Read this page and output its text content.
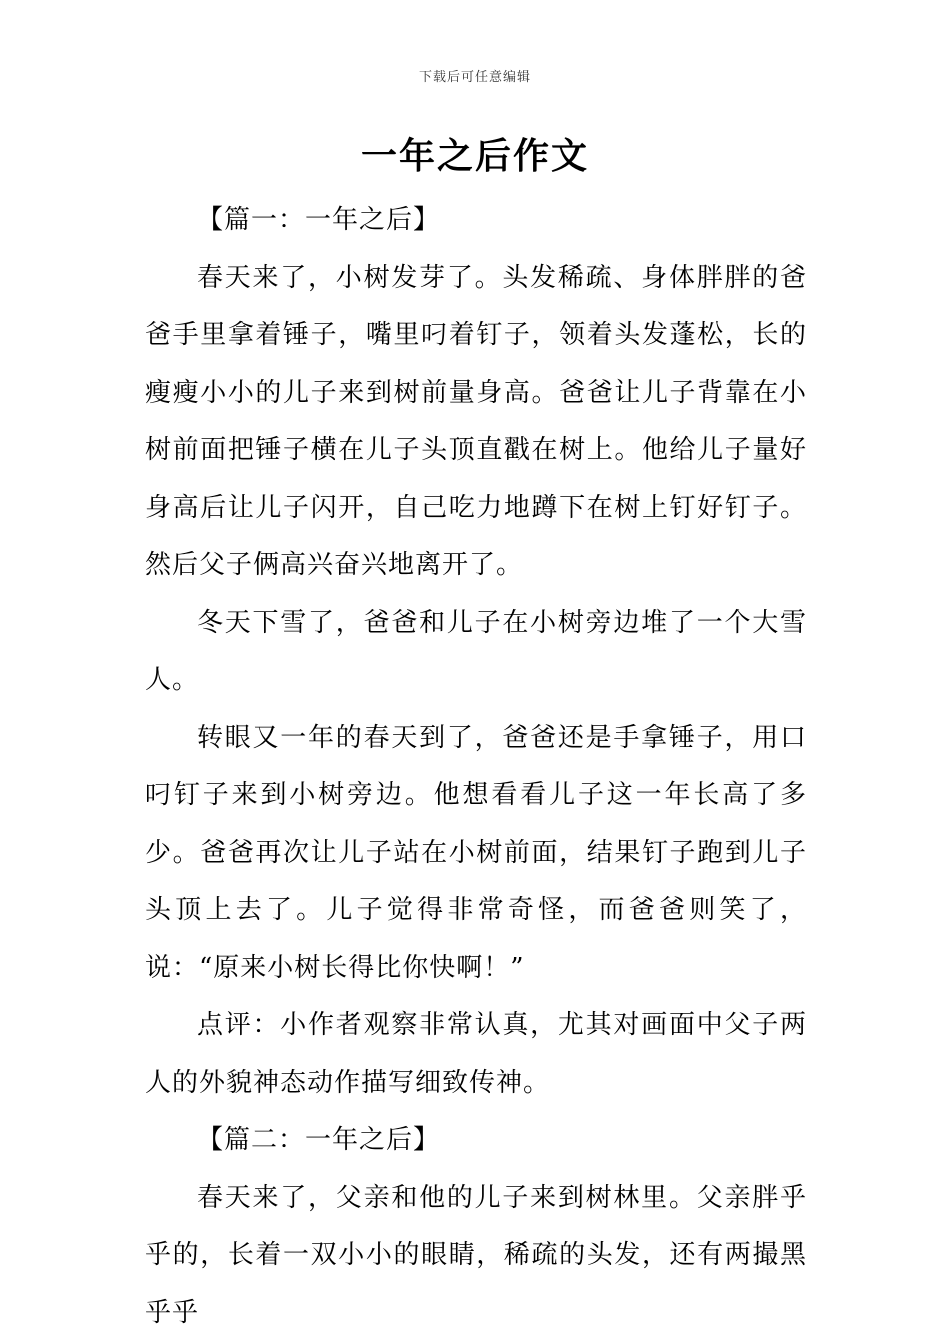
下载后可任意编辑
一年之后作文

【篇一：一年之后】

春天来了，小树发芽了。头发稀疏、身体胖胖的爸爸手里拿着锤子，嘴里叼着钉子，领着头发蓬松，长的瘦瘦小小的儿子来到树前量身高。爸爸让儿子背靠在小树前面把锤子横在儿子头顶直戳在树上。他给儿子量好身高后让儿子闪开，自己吃力地蹲下在树上钉好钉子。然后父子俩高兴奋兴地离开了。

冬天下雪了，爸爸和儿子在小树旁边堆了一个大雪人。

转眼又一年的春天到了，爸爸还是手拿锤子，用口叼钉子来到小树旁边。他想看看儿子这一年长高了多少。爸爸再次让儿子站在小树前面，结果钉子跑到儿子头顶上去了。儿子觉得非常奇怪，而爸爸则笑了，说：“原来小树长得比你快啊！”

点评：小作者观察非常认真，尤其对画面中父子两人的外貌神态动作描写细致传神。

【篇二：一年之后】

春天来了，父亲和他的儿子来到树林里。父亲胖乎乎的，长着一双小小的眼睛，稀疏的头发，还有两撮黑乎乎
